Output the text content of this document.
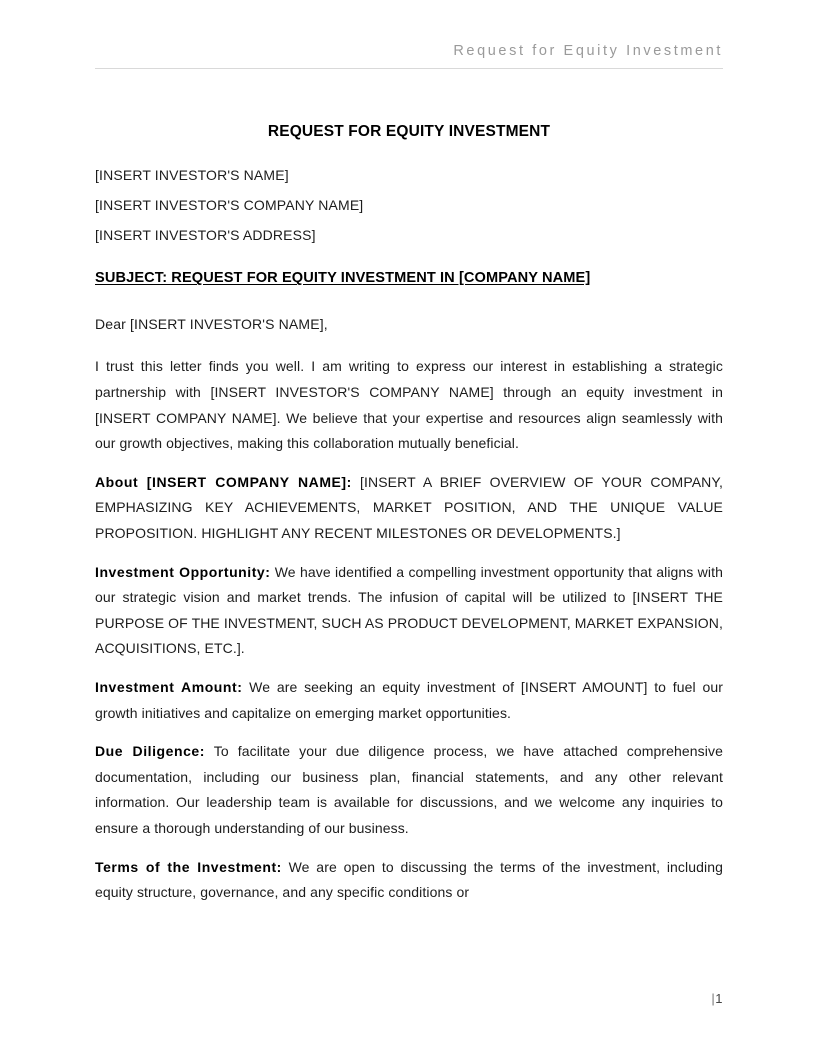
Request for Equity Investment
REQUEST FOR EQUITY INVESTMENT
[INSERT INVESTOR'S NAME]
[INSERT INVESTOR'S COMPANY NAME]
[INSERT INVESTOR'S ADDRESS]
SUBJECT: REQUEST FOR EQUITY INVESTMENT IN [COMPANY NAME]
Dear [INSERT INVESTOR'S NAME],

I trust this letter finds you well. I am writing to express our interest in establishing a strategic partnership with [INSERT INVESTOR'S COMPANY NAME] through an equity investment in [INSERT COMPANY NAME]. We believe that your expertise and resources align seamlessly with our growth objectives, making this collaboration mutually beneficial.

About [INSERT COMPANY NAME]: [INSERT A BRIEF OVERVIEW OF YOUR COMPANY, EMPHASIZING KEY ACHIEVEMENTS, MARKET POSITION, AND THE UNIQUE VALUE PROPOSITION. HIGHLIGHT ANY RECENT MILESTONES OR DEVELOPMENTS.]

Investment Opportunity: We have identified a compelling investment opportunity that aligns with our strategic vision and market trends. The infusion of capital will be utilized to [INSERT THE PURPOSE OF THE INVESTMENT, SUCH AS PRODUCT DEVELOPMENT, MARKET EXPANSION, ACQUISITIONS, ETC.].

Investment Amount: We are seeking an equity investment of [INSERT AMOUNT] to fuel our growth initiatives and capitalize on emerging market opportunities.

Due Diligence: To facilitate your due diligence process, we have attached comprehensive documentation, including our business plan, financial statements, and any other relevant information. Our leadership team is available for discussions, and we welcome any inquiries to ensure a thorough understanding of our business.

Terms of the Investment: We are open to discussing the terms of the investment, including equity structure, governance, and any specific conditions or

|1
